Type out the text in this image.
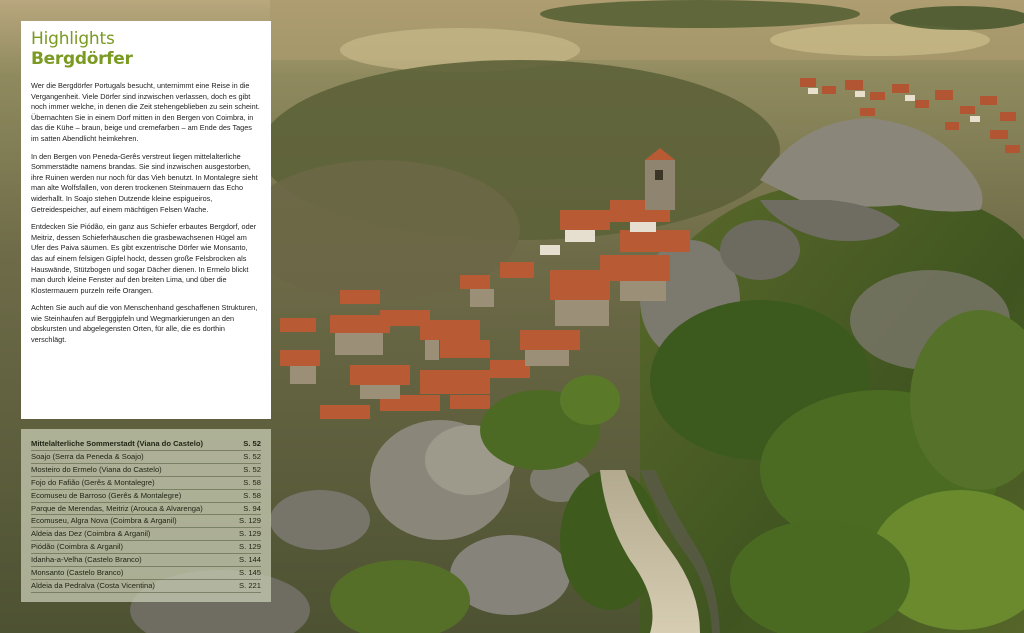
Highlights
Bergdörfer

Wer die Bergdörfer Portugals besucht, unternimmt eine Reise in die Vergangenheit. Viele Dörfer sind inzwischen verlassen, doch es gibt noch immer welche, in denen die Zeit stehengeblieben zu sein scheint. Übernachten Sie in einem Dorf mitten in den Bergen von Coimbra, in das die Kühe – braun, beige und cremefarben – am Ende des Tages im satten Abendlicht heimkehren.

In den Bergen von Peneda-Gerês verstreut liegen mittelalterliche Sommerstädte namens brandas. Sie sind inzwischen ausgestorben, ihre Ruinen werden nur noch für das Vieh benutzt. In Montalegre sieht man alte Wolfsfallen, von deren trockenen Steinmauern das Echo widerhallt. In Soajo stehen Dutzende kleine espigueiros, Getreidespeicher, auf einem mächtigen Felsen Wache.

Entdecken Sie Piódão, ein ganz aus Schiefer erbautes Bergdorf, oder Meitriz, dessen Schieferhäuschen die grasbewachsenen Hügel am Ufer des Paiva säumen. Es gibt exzentrische Dörfer wie Monsanto, das auf einem felsigen Gipfel hockt, dessen große Felsbrocken als Hauswände, Stützbogen und sogar Dächer dienen. In Ermelo blickt man durch kleine Fenster auf den breiten Lima, und über die Klostermauern purzeln reife Orangen.

Achten Sie auch auf die von Menschenhand geschaffenen Strukturen, wie Steinhaufen auf Berggipfeln und Wegmarkierungen an den obskursten und abgelegensten Orten, für alle, die es dorthin verschlägt.

Mittelalterliche Sommerstadt (Viana do Castelo)	S. 52
Soajo (Serra da Peneda & Soajo)	S. 52
Mosteiro do Ermelo (Viana do Castelo)	S. 52
Fojo do Fafião (Gerês & Montalegre)	S. 58
Ecomuseu de Barroso (Gerês & Montalegre)	S. 58
Parque de Merendas, Meitriz (Arouca & Alvarenga)	S. 94
Ecomuseu, Algra Nova (Coimbra & Arganil)	S. 129
Aldeia das Dez (Coimbra & Arganil)	S. 129
Piódão (Coimbra & Arganil)	S. 129
Idanha-a-Velha (Castelo Branco)	S. 144
Monsanto (Castelo Branco)	S. 145
Aldeia da Pedralva (Costa Vicentina)	S. 221
